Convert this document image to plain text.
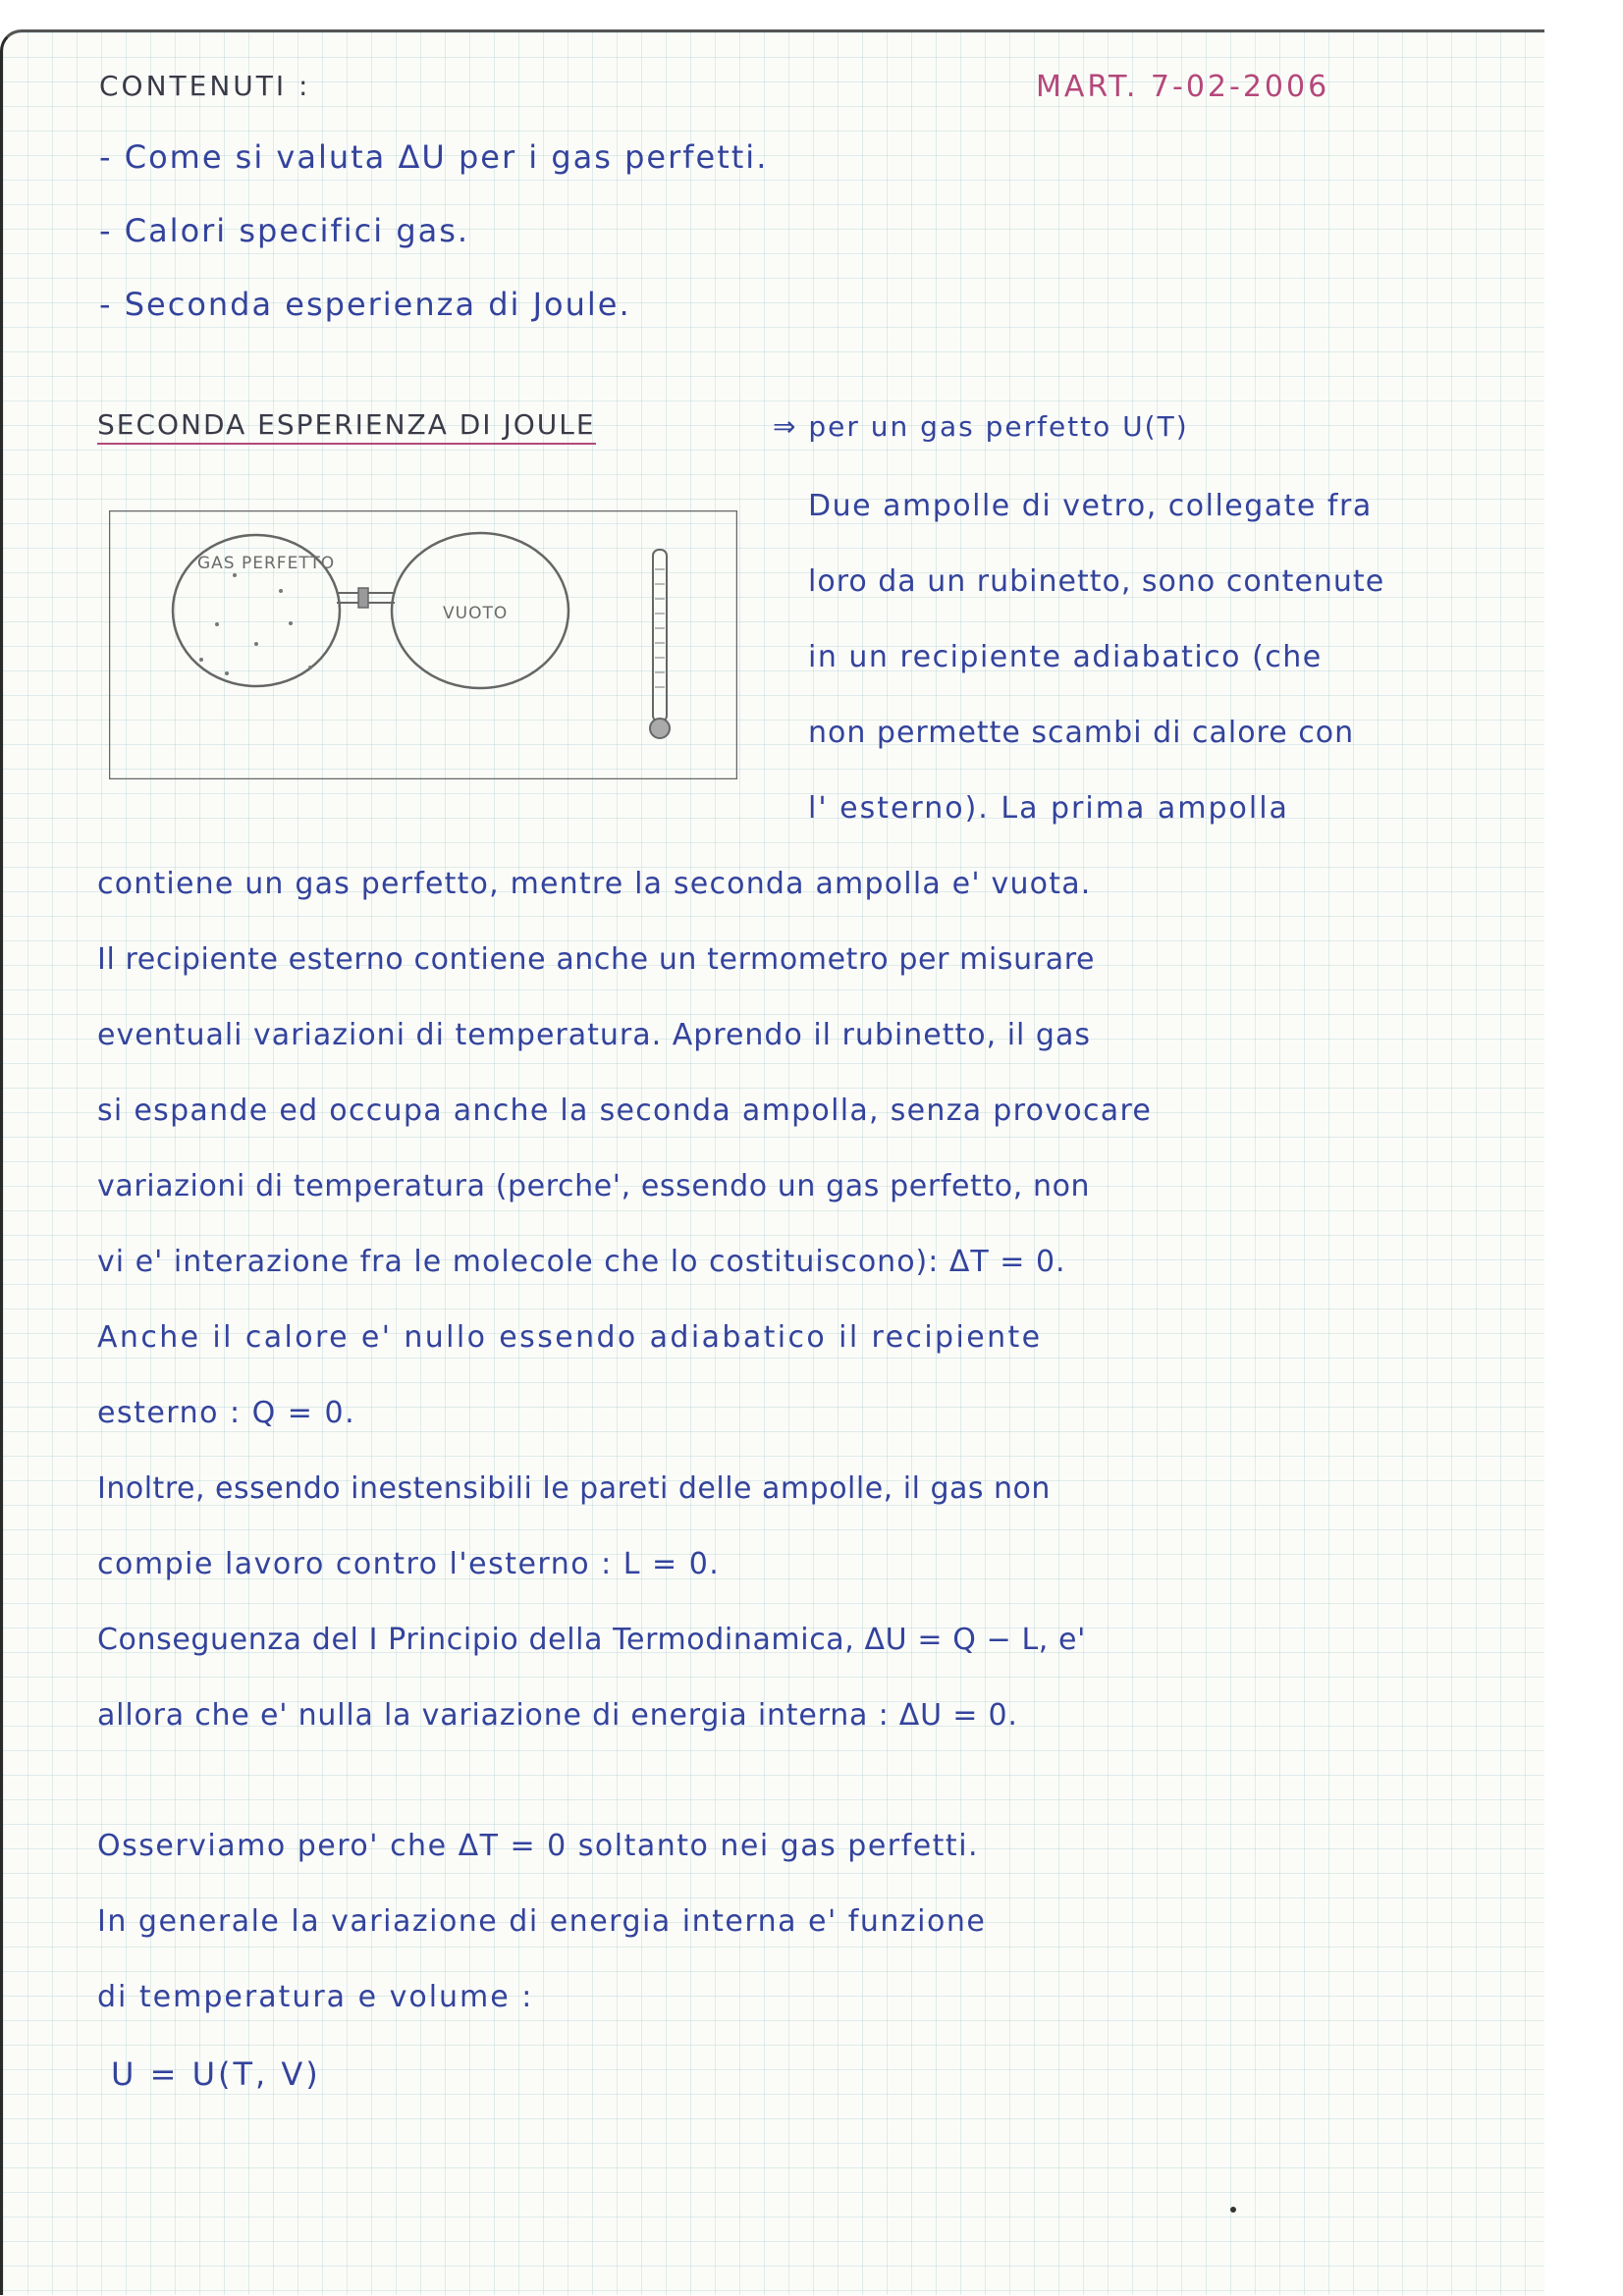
CONTENUTI :	MART. 7-02-2006
- Come si valuta ΔU per i gas perfetti.
- Calori specifici gas.
- Seconda esperienza di Joule.
SECONDA ESPERIENZA DI JOULE	⇒ per un gas perfetto U(T)
GAS PERFETTO
VUOTO
Due ampolle di vetro, collegate fra
loro da un rubinetto, sono contenute
in un recipiente adiabatico (che
non permette scambi di calore con
l' esterno). La prima ampolla
contiene un gas perfetto, mentre la seconda ampolla e' vuota.
Il recipiente esterno contiene anche un termometro per misurare
eventuali variazioni di temperatura. Aprendo il rubinetto, il gas
si espande ed occupa anche la seconda ampolla, senza provocare
variazioni di temperatura (perche', essendo un gas perfetto, non
vi e' interazione fra le molecole che lo costituiscono): ΔT = 0.
Anche il calore e' nullo essendo adiabatico il recipiente
esterno : Q = 0.
Inoltre, essendo inestensibili le pareti delle ampolle, il gas non
compie lavoro contro l'esterno : L = 0.
Conseguenza del I Principio della Termodinamica, ΔU = Q − L, e'
allora che e' nulla la variazione di energia interna : ΔU = 0.
Osserviamo pero' che ΔT = 0 soltanto nei gas perfetti.
In generale la variazione di energia interna e' funzione
di temperatura e volume :
U = U(T, V)
